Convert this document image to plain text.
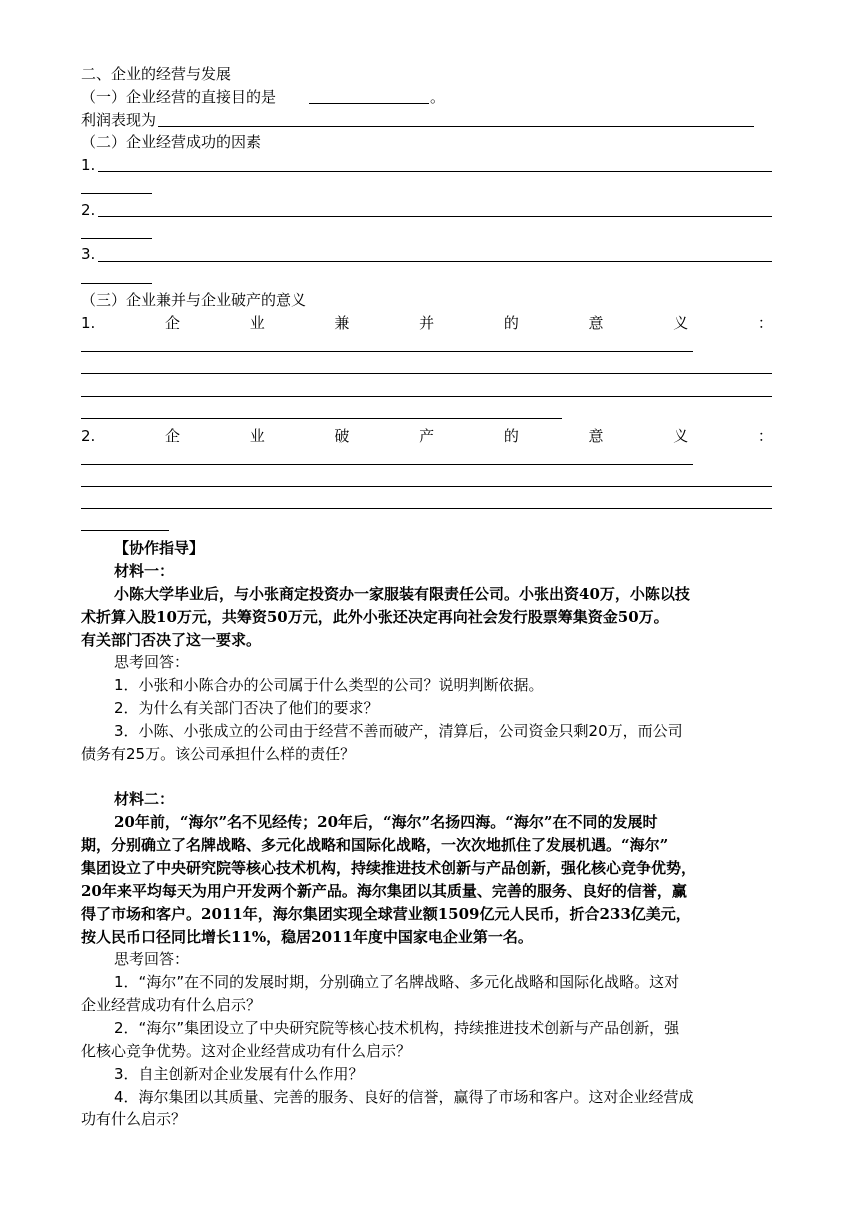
二、企业的经营与发展
（一）企业经营的直接目的是	。
利润表现为
（二）企业经营成功的因素
1.
2.
3.
（三）企业兼并与企业破产的意义
1.	企	业	兼	并	的	意	义	：
2.	企	业	破	产	的	意	义	：
【协作指导】
材料一：
小陈大学毕业后，与小张商定投资办一家服装有限责任公司。小张出资40万，小陈以技
术折算入股10万元，共筹资50万元，此外小张还决定再向社会发行股票筹集资金50万。
有关部门否决了这一要求。
思考回答：
1．小张和小陈合办的公司属于什么类型的公司？说明判断依据。
2．为什么有关部门否决了他们的要求？
3．小陈、小张成立的公司由于经营不善而破产，清算后，公司资金只剩20万，而公司
债务有25万。该公司承担什么样的责任？
材料二：
20年前，“海尔”名不见经传；20年后，“海尔”名扬四海。“海尔”在不同的发展时
期，分别确立了名牌战略、多元化战略和国际化战略，一次次地抓住了发展机遇。“海尔”
集团设立了中央研究院等核心技术机构，持续推进技术创新与产品创新，强化核心竞争优势，
20年来平均每天为用户开发两个新产品。海尔集团以其质量、完善的服务、良好的信誉，赢
得了市场和客户。2011年，海尔集团实现全球营业额1509亿元人民币，折合233亿美元，
按人民币口径同比增长11%，稳居2011年度中国家电企业第一名。
思考回答：
1．“海尔”在不同的发展时期，分别确立了名牌战略、多元化战略和国际化战略。这对
企业经营成功有什么启示？
2．“海尔”集团设立了中央研究院等核心技术机构，持续推进技术创新与产品创新，强
化核心竞争优势。这对企业经营成功有什么启示？
3．自主创新对企业发展有什么作用？
4．海尔集团以其质量、完善的服务、良好的信誉，赢得了市场和客户。这对企业经营成
功有什么启示？
